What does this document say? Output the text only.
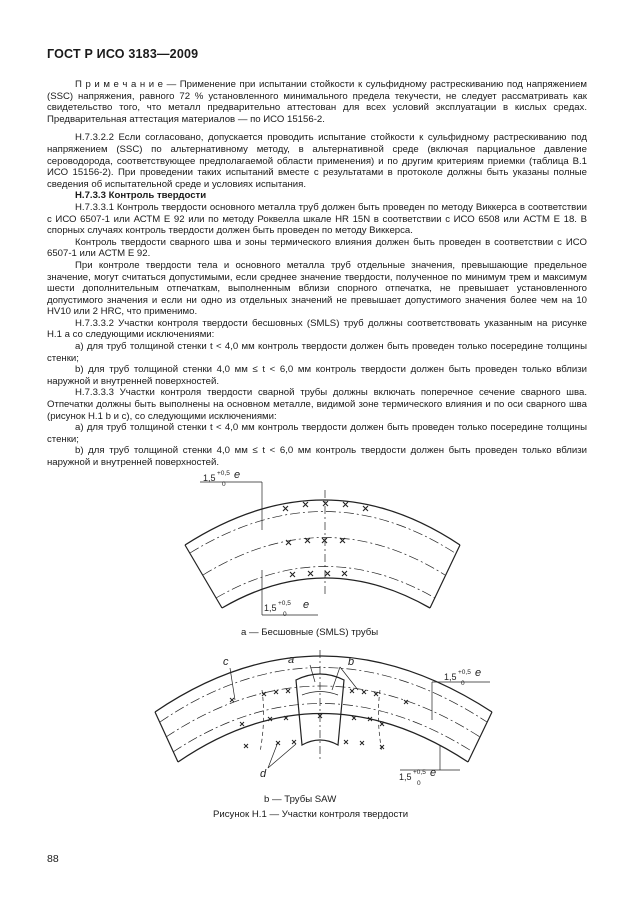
ГОСТ Р ИСО 3183—2009

П р и м е ч а н и е — Применение при испытании стойкости к сульфидному растрескиванию под напряжением (SSC) напряжения, равного 72 % установленного минимального предела текучести, не следует рассматривать как свидетельство того, что металл предварительно аттестован для всех условий эксплуатации в кислых средах. Предварительная аттестация материалов — по ИСО 15156-2.

Н.7.3.2.2 Если согласовано, допускается проводить испытание стойкости к сульфидному растрескиванию под напряжением (SSC) по альтернативному методу, в альтернативной среде (включая парциальное давление сероводорода, соответствующее предполагаемой области применения) и по другим критериям приемки (таблица В.1 ИСО 15156-2). При проведении таких испытаний вместе с результатами в протоколе должны быть указаны полные сведения об испытательной среде и условиях испытания.

Н.7.3.3 Контроль твердости

Н.7.3.3.1 Контроль твердости основного металла труб должен быть проведен по методу Виккерса в соответствии с ИСО 6507-1 или АСТМ Е 92 или по методу Роквелла шкале HR 15N в соответствии с ИСО 6508 или АСТМ Е 18. В спорных случаях контроль твердости должен быть проведен по методу Виккерса.

Контроль твердости сварного шва и зоны термического влияния должен быть проведен в соответствии с ИСО 6507-1 или АСТМ Е 92.

При контроле твердости тела и основного металла труб отдельные значения, превышающие предельное значение, могут считаться допустимыми, если среднее значение твердости, полученное по минимум трем и максимум шести дополнительным отпечаткам, выполненным вблизи спорного отпечатка, не превышает установленного допустимого значения и если ни одно из отдельных значений не превышает допустимого значения более чем на 10 HV10 или 2 HRC, что применимо.

Н.7.3.3.2 Участки контроля твердости бесшовных (SMLS) труб должны соответствовать указанным на рисунке Н.1 а со следующими исключениями:

a) для труб толщиной стенки t < 4,0 мм контроль твердости должен быть проведен только посередине толщины стенки;

b) для труб толщиной стенки 4,0 мм ≤ t < 6,0 мм контроль твердости должен быть проведен только вблизи наружной и внутренней поверхностей.

Н.7.3.3.3 Участки контроля твердости сварной трубы должны включать поперечное сечение сварного шва. Отпечатки должны быть выполнены на основном металле, видимой зоне термического влияния и по оси сварного шва (рисунок Н.1 b и c), со следующими исключениями:

a) для труб толщиной стенки t < 4,0 мм контроль твердости должен быть проведен только посередине толщины стенки;

b) для труб толщиной стенки 4,0 мм ≤ t < 6,0 мм контроль твердости должен быть проведен только вблизи наружной и внутренней поверхностей.

1,5 +0,5
0
e
1,5 +0,5
0
e
c	a	b
d
1,5 +0,5
0
e
1,5 +0,5
0
e
а — Бесшовные (SMLS) трубы
b — Трубы SAW
Рисунок Н.1 — Участки контроля твердости
88
